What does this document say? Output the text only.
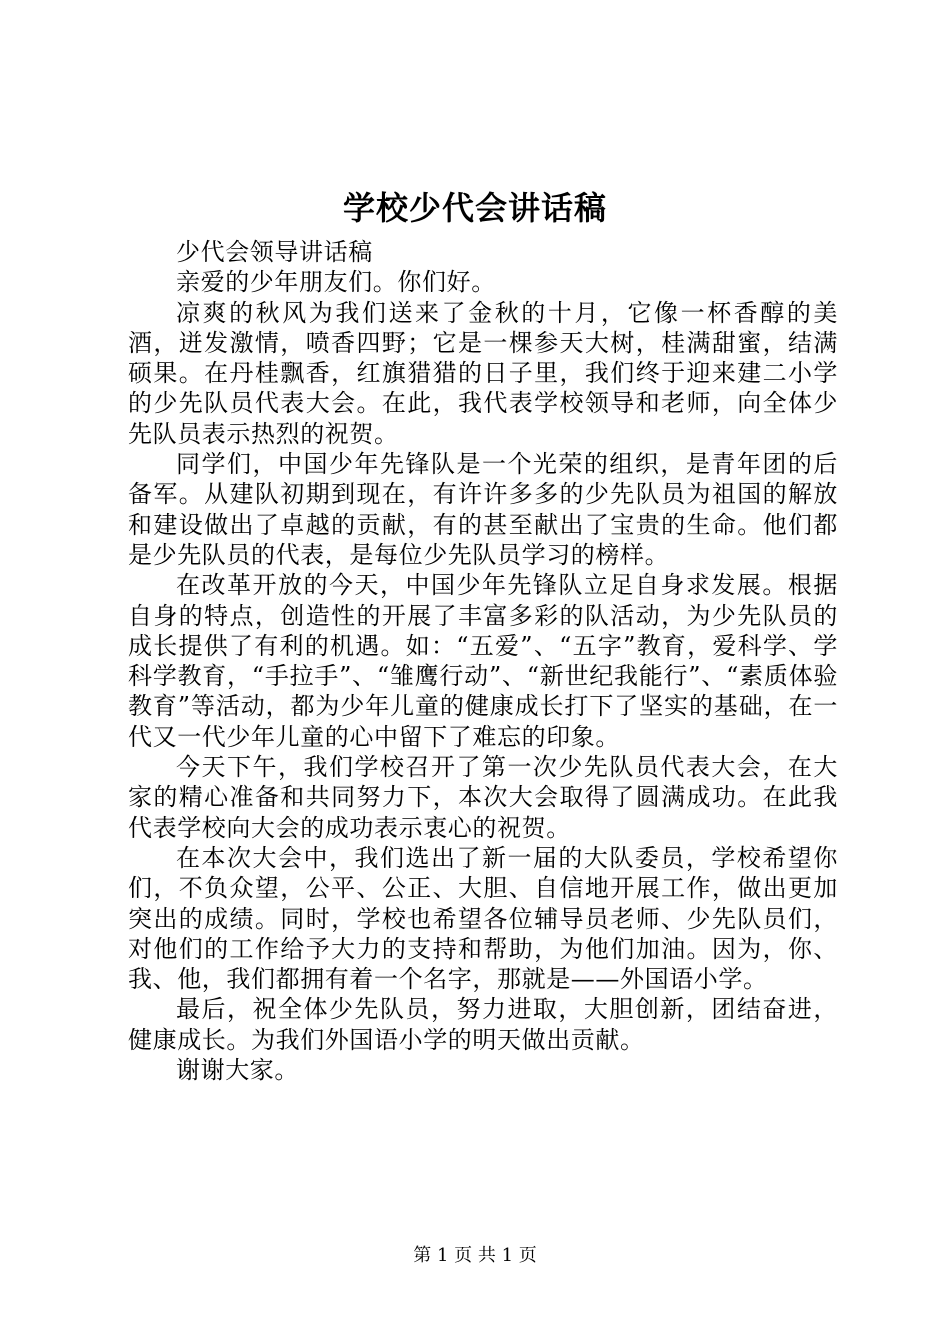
学校少代会讲话稿

少代会领导讲话稿

亲爱的少年朋友们。你们好。

凉爽的秋风为我们送来了金秋的十月，它像一杯香醇的美酒，迸发激情，喷香四野；它是一棵参天大树，桂满甜蜜，结满硕果。在丹桂飘香，红旗猎猎的日子里，我们终于迎来建二小学的少先队员代表大会。在此，我代表学校领导和老师，向全体少先队员表示热烈的祝贺。

同学们，中国少年先锋队是一个光荣的组织，是青年团的后备军。从建队初期到现在，有许许多多的少先队员为祖国的解放和建设做出了卓越的贡献，有的甚至献出了宝贵的生命。他们都是少先队员的代表，是每位少先队员学习的榜样。

在改革开放的今天，中国少年先锋队立足自身求发展。根据自身的特点，创造性的开展了丰富多彩的队活动，为少先队员的成长提供了有利的机遇。如：“五爱”、“五字”教育，爱科学、学科学教育，“手拉手”、“雏鹰行动”、“新世纪我能行”、“素质体验教育”等活动，都为少年儿童的健康成长打下了坚实的基础，在一代又一代少年儿童的心中留下了难忘的印象。

今天下午，我们学校召开了第一次少先队员代表大会，在大家的精心准备和共同努力下，本次大会取得了圆满成功。在此我代表学校向大会的成功表示衷心的祝贺。

在本次大会中，我们选出了新一届的大队委员，学校希望你们，不负众望，公平、公正、大胆、自信地开展工作，做出更加突出的成绩。同时，学校也希望各位辅导员老师、少先队员们，对他们的工作给予大力的支持和帮助，为他们加油。因为，你、我、他，我们都拥有着一个名字，那就是——外国语小学。

最后，祝全体少先队员，努力进取，大胆创新，团结奋进，健康成长。为我们外国语小学的明天做出贡献。

谢谢大家。

第 1 页 共 1 页
